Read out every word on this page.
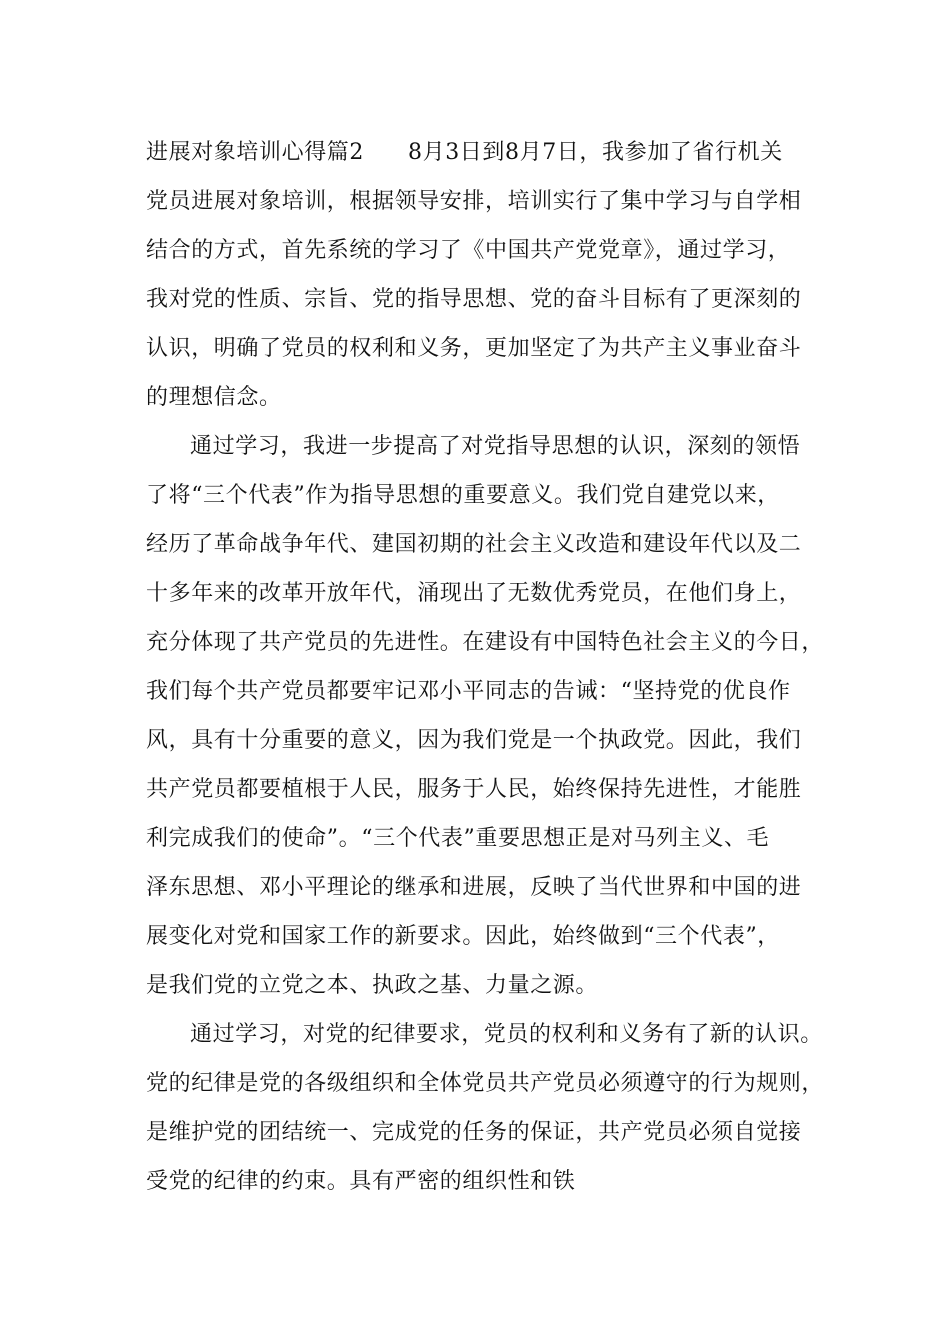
进展对象培训心得篇2 8月3日到8月7日，我参加了省行机关
党员进展对象培训，根据领导安排，培训实行了集中学习与自学相
结合的方式，首先系统的学习了《中国共产党党章》，通过学习，
我对党的性质、宗旨、党的指导思想、党的奋斗目标有了更深刻的
认识，明确了党员的权利和义务，更加坚定了为共产主义事业奋斗
的理想信念。
通过学习，我进一步提高了对党指导思想的认识，深刻的领悟
了将“三个代表”作为指导思想的重要意义。我们党自建党以来，
经历了革命战争年代、建国初期的社会主义改造和建设年代以及二
十多年来的改革开放年代，涌现出了无数优秀党员，在他们身上，
充分体现了共产党员的先进性。在建设有中国特色社会主义的今日，
我们每个共产党员都要牢记邓小平同志的告诫：“坚持党的优良作
风，具有十分重要的意义，因为我们党是一个执政党。因此，我们
共产党员都要植根于人民，服务于人民，始终保持先进性，才能胜
利完成我们的使命”。“三个代表”重要思想正是对马列主义、毛
泽东思想、邓小平理论的继承和进展，反映了当代世界和中国的进
展变化对党和国家工作的新要求。因此，始终做到“三个代表”，
是我们党的立党之本、执政之基、力量之源。
通过学习，对党的纪律要求，党员的权利和义务有了新的认识。
党的纪律是党的各级组织和全体党员共产党员必须遵守的行为规则，
是维护党的团结统一、完成党的任务的保证，共产党员必须自觉接
受党的纪律的约束。具有严密的组织性和铁
